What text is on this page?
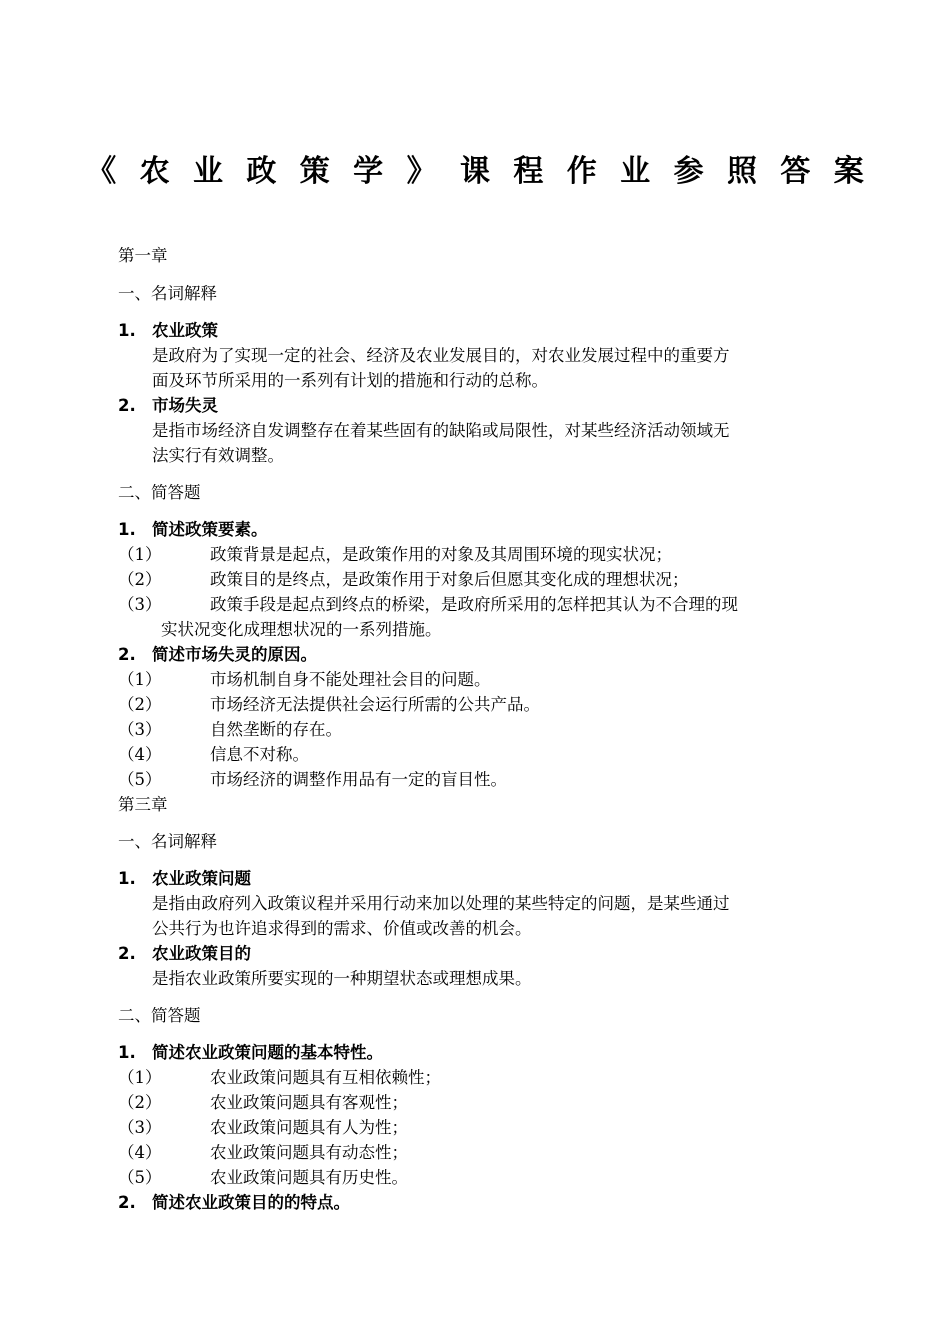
《农业政策学》课程作业参照答案
第一章
一、名词解释
1. 农业政策
是政府为了实现一定的社会、经济及农业发展目的，对农业发展过程中的重要方
面及环节所采用的一系列有计划的措施和行动的总称。
2. 市场失灵
是指市场经济自发调整存在着某些固有的缺陷或局限性，对某些经济活动领域无
法实行有效调整。
二、简答题
1. 简述政策要素。
（1）	政策背景是起点，是政策作用的对象及其周围环境的现实状况；
（2）	政策目的是终点，是政策作用于对象后但愿其变化成的理想状况；
（3）	政策手段是起点到终点的桥梁，是政府所采用的怎样把其认为不合理的现
实状况变化成理想状况的一系列措施。
2. 简述市场失灵的原因。
（1）	市场机制自身不能处理社会目的问题。
（2）	市场经济无法提供社会运行所需的公共产品。
（3）	自然垄断的存在。
（4）	信息不对称。
（5）	市场经济的调整作用品有一定的盲目性。
第三章
一、名词解释
1. 农业政策问题
是指由政府列入政策议程并采用行动来加以处理的某些特定的问题，是某些通过
公共行为也许追求得到的需求、价值或改善的机会。
2. 农业政策目的
是指农业政策所要实现的一种期望状态或理想成果。
二、简答题
1. 简述农业政策问题的基本特性。
（1）	农业政策问题具有互相依赖性；
（2）	农业政策问题具有客观性；
（3）	农业政策问题具有人为性；
（4）	农业政策问题具有动态性；
（5）	农业政策问题具有历史性。
2. 简述农业政策目的的特点。
